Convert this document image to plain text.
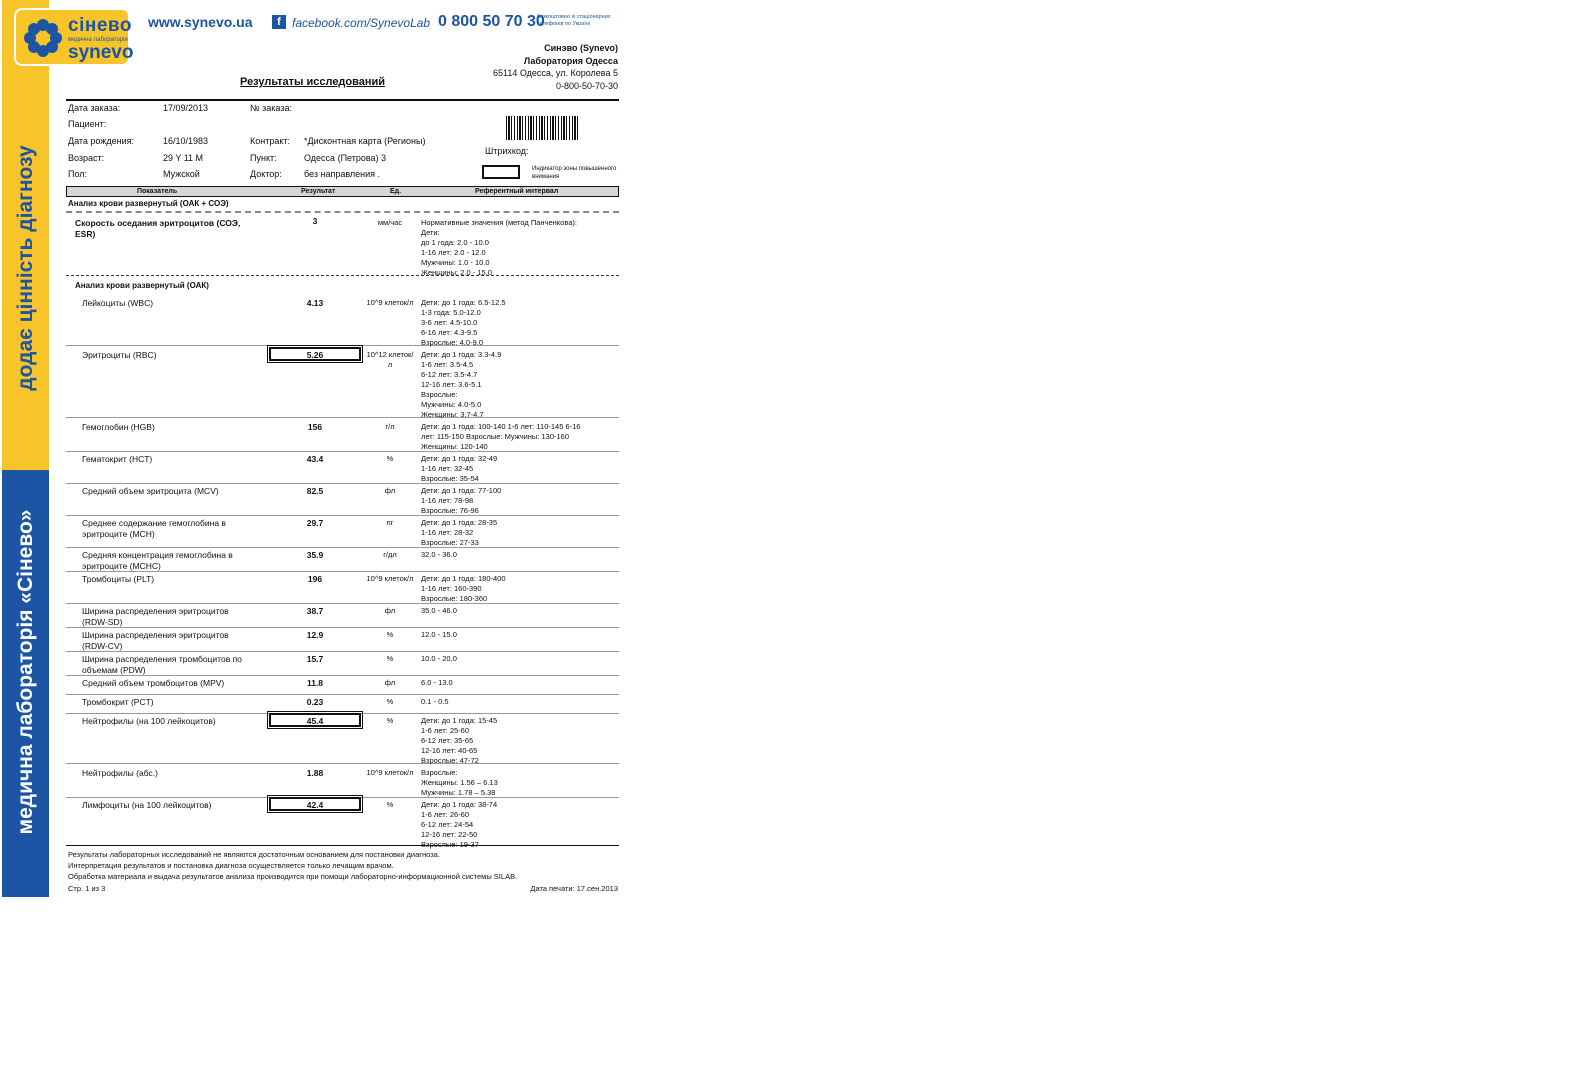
додає цінність діагнозу
медична лабораторія «Сінево»
сінево
медична лабораторія
synevo
www.synevo.ua	f facebook.com/SynevoLab 0 800 50 70 30
безкоштовно зі стаціонарних телефонів по Україні
Синэво (Synevo)
Лаборатория Одесса
65114 Одесса, ул. Королева 5
0-800-50-70-30
Результаты исследований
Дата заказа:	17/09/2013	№ заказа:
Пациент:
Дата рождения:	16/10/1983	Контракт: *Дисконтная карта (Регионы)
Возраст:	29 Y 11 M	Пункт:	Одесса (Петрова) 3
Пол:	Мужской	Доктор: без направления .
Штрихкод:
Индикатор зоны повышенного внимания
Показатель	Результат	Ед.	Референтный интервал
Анализ крови развернутый (ОАК + СОЭ)
Скорость оседания эритроцитов (СОЭ, ESR)
3	мм/час	Нормативные значения (метод Панченкова):
Дети:
до 1 года: 2.0 - 10.0
1-16 лет: 2.0 - 12.0
Мужчины: 1.0 - 10.0
Женщины: 2.0 - 15.0
Анализ крови развернутый (ОАК)
Лейкоциты (WBC)	4.13	10^9 клеток/л Дети: до 1 года: 6.5-12.5
1-3 года: 5.0-12.0
3-6 лет: 4.5-10.0
6-16 лет: 4.3-9.5
Взрослые: 4.0-9.0
Эритроциты (RBC)	5.26	10^12 клеток/л
Дети: до 1 года: 3.3-4.9
1-6 лет: 3.5-4.5
6-12 лет: 3.5-4.7
12-16 лет: 3.6-5.1
Взрослые:
Мужчины: 4.0-5.0
Женщины: 3.7-4.7
Гемоглобин (HGB)	156	г/л	Дети: до 1 года: 100-140 1-6 лет: 110-145 6-16
лет: 115-150 Взрослые: Мужчины: 130-160
Женщины: 120-140
Гематокрит (HCT)	43.4	%	Дети: до 1 года: 32-49
1-16 лет: 32-45
Взрослые: 35-54
Средний объем эритроцита (MCV)	82.5	фл	Дети: до 1 года: 77-100
1-16 лет: 78-98
Взрослые: 76-96
Среднее содержание гемоглобина в эритроците (MCH)
29.7	пг	Дети: до 1 года: 28-35
1-16 лет: 28-32
Взрослые: 27-33
Средняя концентрация гемоглобина в эритроците (MCHC)
35.9	г/дл	32.0 - 36.0
Тромбоциты (PLT)	196	10^9 клеток/л Дети: до 1 года: 180-400
1-16 лет: 160-390
Взрослые: 180-360
Ширина распределения эритроцитов (RDW-SD)
38.7	фл	35.0 - 46.0
Ширина распределения эритроцитов (RDW-CV)
12.9	%	12.0 - 15.0
Ширина распределения тромбоцитов по объемам (PDW)
15.7	%	10.0 - 20.0
Средний объем тромбоцитов (MPV)	11.8	фл	6.0 - 13.0
Тромбокрит (PCT)	0.23	%	0.1 - 0.5
Нейтрофилы (на 100 лейкоцитов)	45.4	%	Дети: до 1 года: 15-45
1-6 лет: 25-60
6-12 лет: 35-65
12-16 лет: 40-65
Взрослые: 47-72
Нейтрофилы (абс.)	1.88	10^9 клеток/л Взрослые:
Женщины: 1.56 – 6.13
Мужчины: 1.78 – 5.38
Лимфоциты (на 100 лейкоцитов)	42.4	%	Дети: до 1 года: 38-74
1-6 лет: 26-60
6-12 лет: 24-54
12-16 лет: 22-50
Взрослые: 19-37
Результаты лабораторных исследований не являются достаточным основанием для постановки диагноза.
Интерпретация результатов и постановка диагноза осуществляется только лечащим врачом.
Обработка материала и выдача результатов анализа производится при помощи лабораторно-информационной системы SILAB.
Стр. 1 из 3	Дата печати: 17.сен.2013
